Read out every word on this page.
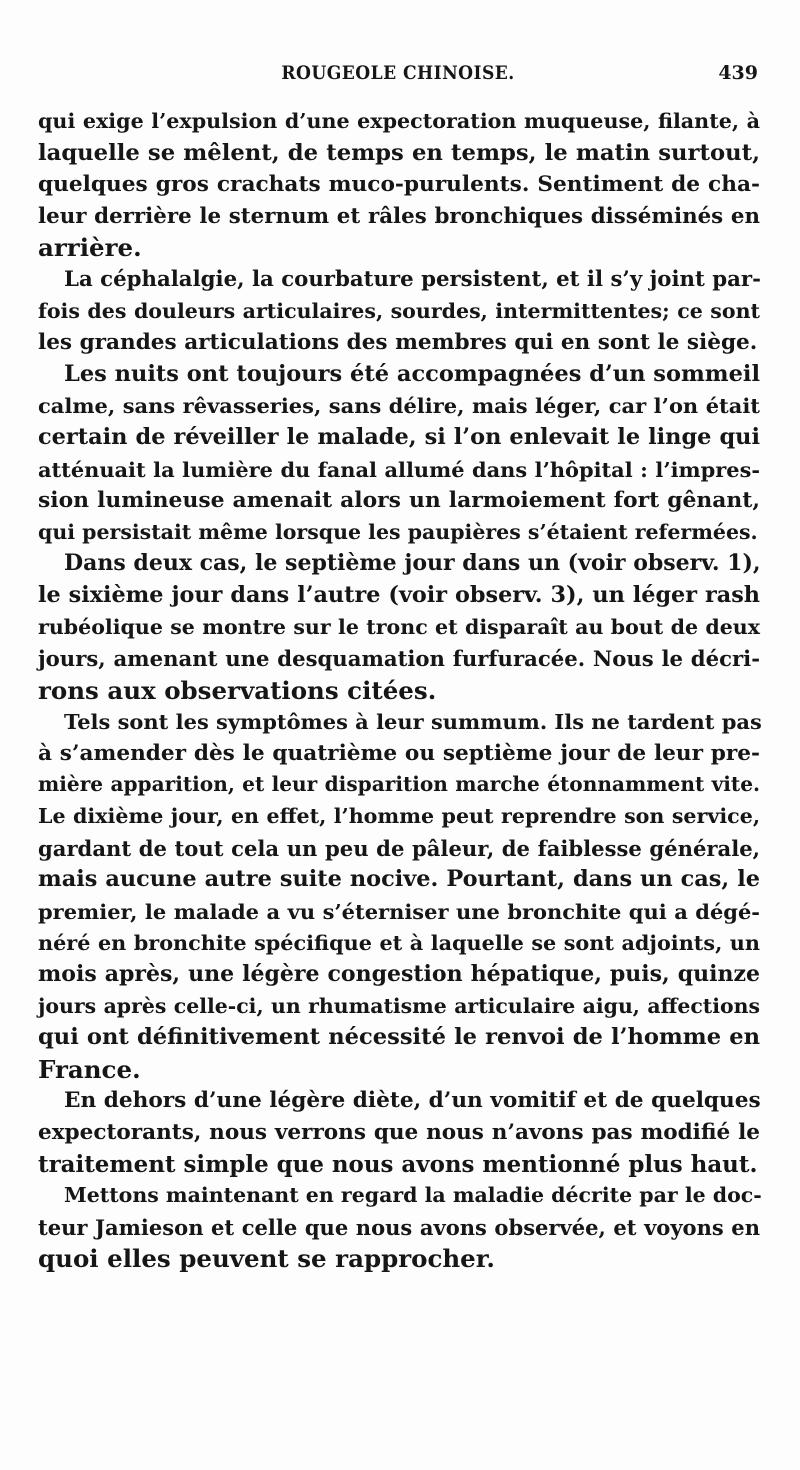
ROUGEOLE CHINOISE.	439
qui exige l’expulsion d’une expectoration muqueuse, filante, à
laquelle se mêlent, de temps en temps, le matin surtout,
quelques gros crachats muco-purulents. Sentiment de cha-
leur derrière le sternum et râles bronchiques disséminés en
arrière.
La céphalalgie, la courbature persistent, et il s’y joint par-
fois des douleurs articulaires, sourdes, intermittentes; ce sont
les grandes articulations des membres qui en sont le siège.
Les nuits ont toujours été accompagnées d’un sommeil
calme, sans rêvasseries, sans délire, mais léger, car l’on était
certain de réveiller le malade, si l’on enlevait le linge qui
atténuait la lumière du fanal allumé dans l’hôpital : l’impres-
sion lumineuse amenait alors un larmoiement fort gênant,
qui persistait même lorsque les paupières s’étaient refermées.
Dans deux cas, le septième jour dans un (voir observ. 1),
le sixième jour dans l’autre (voir observ. 3), un léger rash
rubéolique se montre sur le tronc et disparaît au bout de deux
jours, amenant une desquamation furfuracée. Nous le décri-
rons aux observations citées.
Tels sont les symptômes à leur summum. Ils ne tardent pas
à s’amender dès le quatrième ou septième jour de leur pre-
mière apparition, et leur disparition marche étonnamment vite.
Le dixième jour, en effet, l’homme peut reprendre son service,
gardant de tout cela un peu de pâleur, de faiblesse générale,
mais aucune autre suite nocive. Pourtant, dans un cas, le
premier, le malade a vu s’éterniser une bronchite qui a dégé-
néré en bronchite spécifique et à laquelle se sont adjoints, un
mois après, une légère congestion hépatique, puis, quinze
jours après celle-ci, un rhumatisme articulaire aigu, affections
qui ont définitivement nécessité le renvoi de l’homme en
France.
En dehors d’une légère diète, d’un vomitif et de quelques
expectorants, nous verrons que nous n’avons pas modifié le
traitement simple que nous avons mentionné plus haut.
Mettons maintenant en regard la maladie décrite par le doc-
teur Jamieson et celle que nous avons observée, et voyons en
quoi elles peuvent se rapprocher.
